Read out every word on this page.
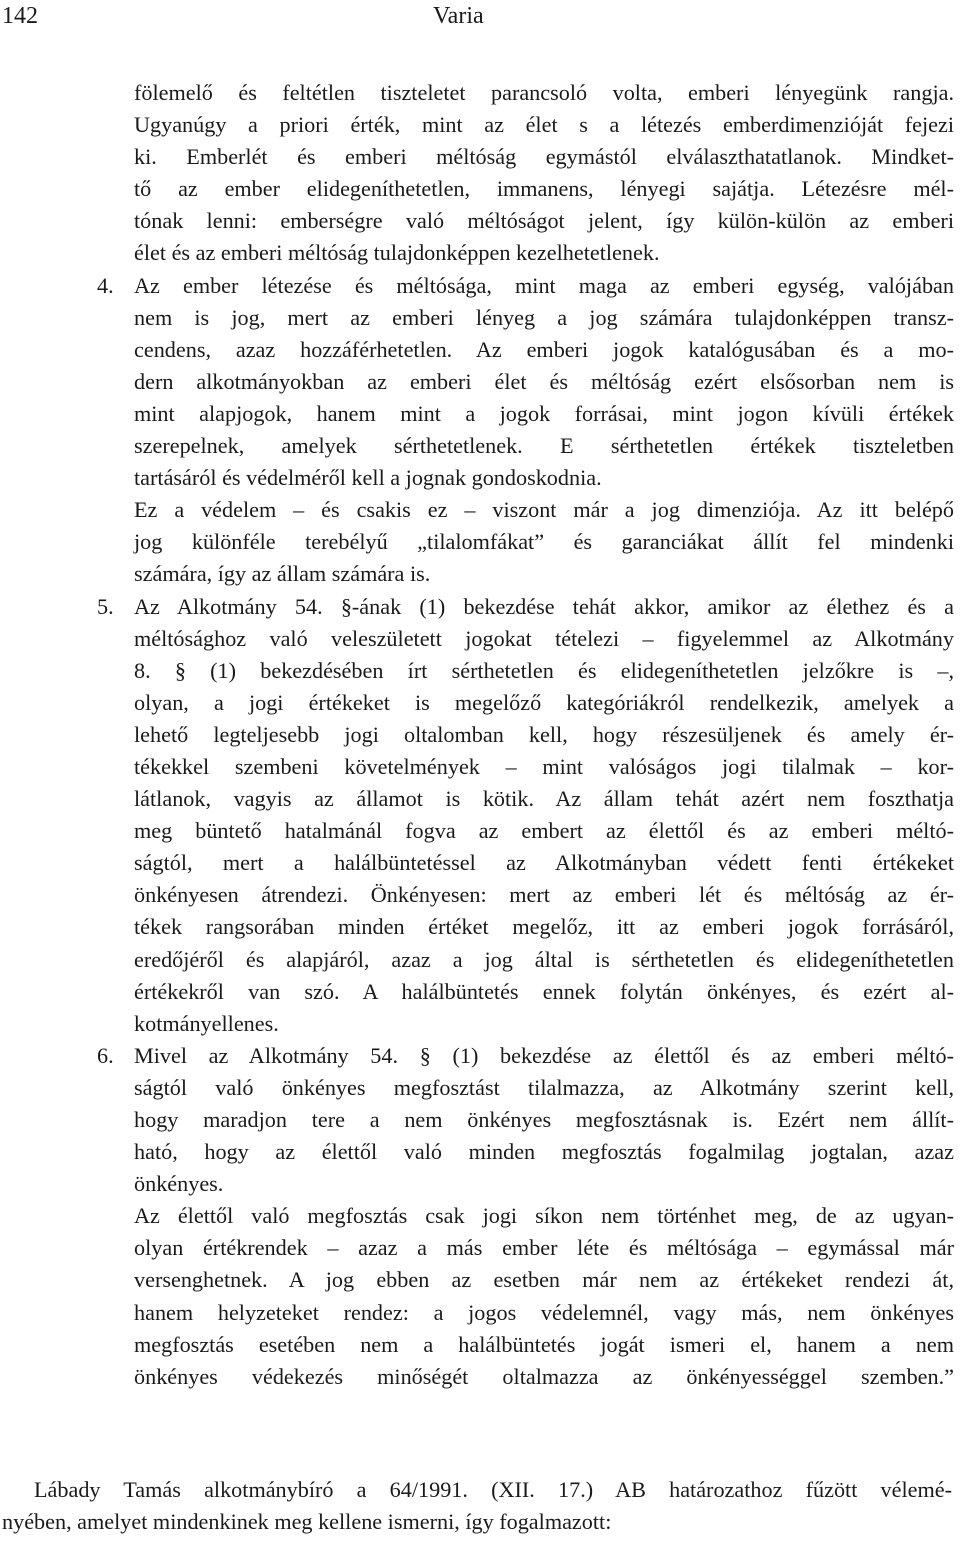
142	Varia
fölemelő és feltétlen tiszteletet parancsoló volta, emberi lényegünk rangja.
Ugyanúgy a priori érték, mint az élet s a létezés emberdimenzióját fejezi
ki. Emberlét és emberi méltóság egymástól elválaszthatatlanok. Mindket-
tő az ember elidegeníthetetlen, immanens, lényegi sajátja. Létezésre mél-
tónak lenni: emberségre való méltóságot jelent, így külön-külön az emberi
élet és az emberi méltóság tulajdonképpen kezelhetetlenek.
4. Az ember létezése és méltósága, mint maga az emberi egység, valójában
nem is jog, mert az emberi lényeg a jog számára tulajdonképpen transz-
cendens, azaz hozzáférhetetlen. Az emberi jogok katalógusában és a mo-
dern alkotmányokban az emberi élet és méltóság ezért elsősorban nem is
mint alapjogok, hanem mint a jogok forrásai, mint jogon kívüli értékek
szerepelnek, amelyek sérthetetlenek. E sérthetetlen értékek tiszteletben
tartásáról és védelméről kell a jognak gondoskodnia.
Ez a védelem – és csakis ez – viszont már a jog dimenziója. Az itt belépő
jog különféle terebélyű „tilalomfákat” és garanciákat állít fel mindenki
számára, így az állam számára is.
5. Az Alkotmány 54. §-ának (1) bekezdése tehát akkor, amikor az élethez és a
méltósághoz való veleszületett jogokat tételezi – figyelemmel az Alkotmány
8. § (1) bekezdésében írt sérthetetlen és elidegeníthetetlen jelzőkre is –,
olyan, a jogi értékeket is megelőző kategóriákról rendelkezik, amelyek a
lehető legteljesebb jogi oltalomban kell, hogy részesüljenek és amely ér-
tékekkel szembeni követelmények – mint valóságos jogi tilalmak – kor-
látlanok, vagyis az államot is kötik. Az állam tehát azért nem foszthatja
meg büntető hatalmánál fogva az embert az élettől és az emberi méltó-
ságtól, mert a halálbüntetéssel az Alkotmányban védett fenti értékeket
önkényesen átrendezi. Önkényesen: mert az emberi lét és méltóság az ér-
tékek rangsorában minden értéket megelőz, itt az emberi jogok forrásáról,
eredőjéről és alapjáról, azaz a jog által is sérthetetlen és elidegeníthetetlen
értékekről van szó. A halálbüntetés ennek folytán önkényes, és ezért al-
kotmányellenes.
6. Mivel az Alkotmány 54. § (1) bekezdése az élettől és az emberi méltó-
ságtól való önkényes megfosztást tilalmazza, az Alkotmány szerint kell,
hogy maradjon tere a nem önkényes megfosztásnak is. Ezért nem állít-
ható, hogy az élettől való minden megfosztás fogalmilag jogtalan, azaz
önkényes.
Az élettől való megfosztás csak jogi síkon nem történhet meg, de az ugyan-
olyan értékrendek – azaz a más ember léte és méltósága – egymással már
versenghetnek. A jog ebben az esetben már nem az értékeket rendezi át,
hanem helyzeteket rendez: a jogos védelemnél, vagy más, nem önkényes
megfosztás esetében nem a halálbüntetés jogát ismeri el, hanem a nem
önkényes védekezés minőségét oltalmazza az önkényességgel szemben.”
Lábady Tamás alkotmánybíró a 64/1991. (XII. 17.) AB határozathoz fűzött vélemé-
nyében, amelyet mindenkinek meg kellene ismerni, így fogalmazott:
